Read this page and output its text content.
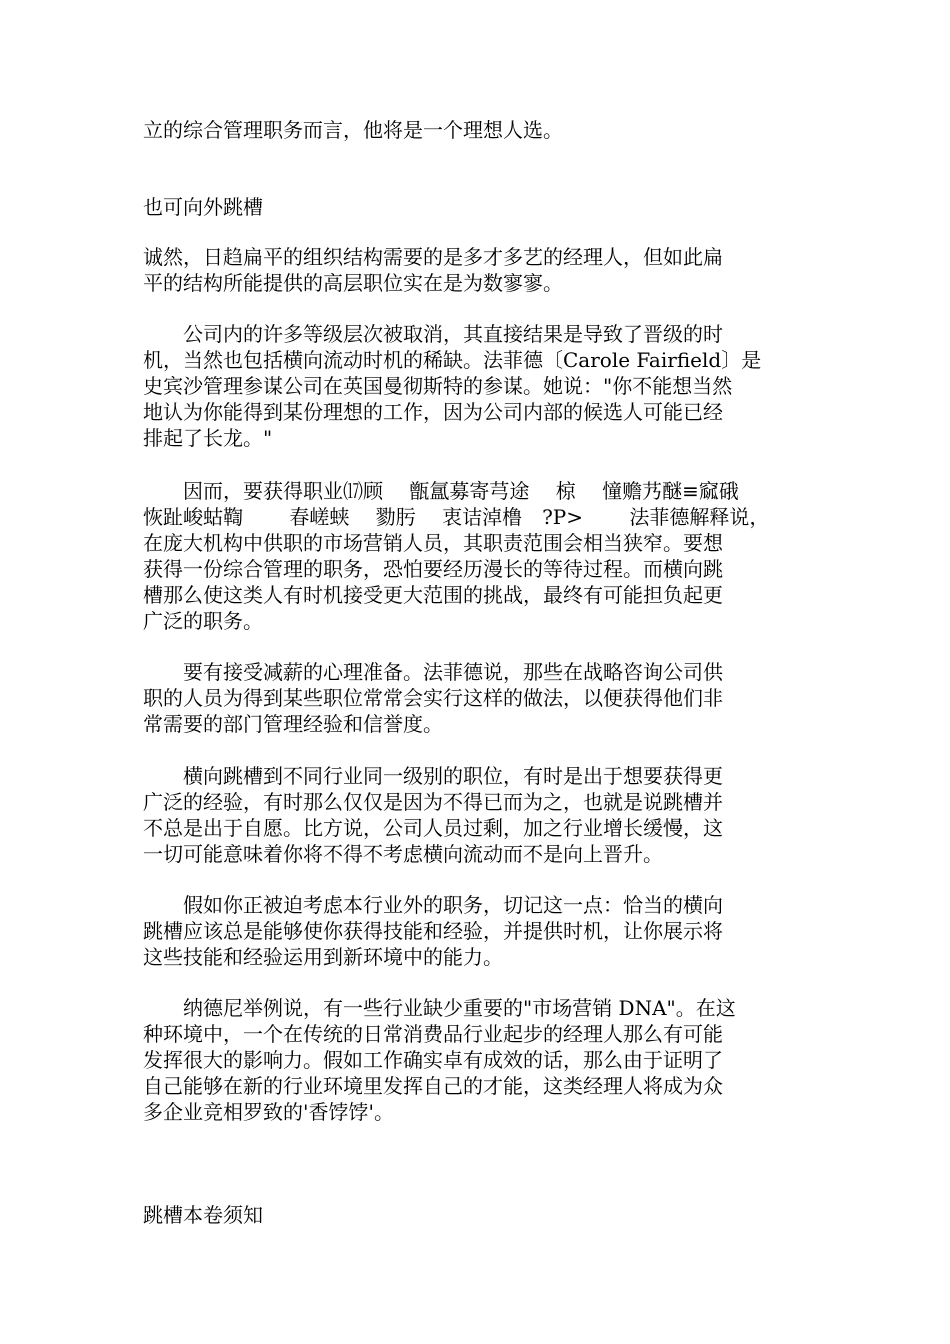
立的综合管理职务而言，他将是一个理想人选。
也可向外跳槽
诚然，日趋扁平的组织结构需要的是多才多艺的经理人，但如此扁
平的结构所能提供的高层职位实在是为数寥寥。
　　公司内的许多等级层次被取消，其直接结果是导致了晋级的时
机，当然也包括横向流动时机的稀缺。法菲德〔Carole Fairfield〕是
史宾沙管理参谋公司在英国曼彻斯特的参谋。她说："你不能想当然
地认为你能得到某份理想的工作，因为公司内部的候选人可能已经
排起了长龙。"
　　因而，要获得职业⒄顾　 甑氲募寄芎途　 椋　 憧赡艿醚≡窳硪
恢趾峻蛄鞫　　 春嵯蛱　 勠肟　 衷诘淖橹　?P>　　 法菲德解释说，
在庞大机构中供职的市场营销人员，其职责范围会相当狭窄。要想
获得一份综合管理的职务，恐怕要经历漫长的等待过程。而横向跳
槽那么使这类人有时机接受更大范围的挑战，最终有可能担负起更
广泛的职务。
　　要有接受减薪的心理准备。法菲德说，那些在战略咨询公司供
职的人员为得到某些职位常常会实行这样的做法，以便获得他们非
常需要的部门管理经验和信誉度。
　　横向跳槽到不同行业同一级别的职位，有时是出于想要获得更
广泛的经验，有时那么仅仅是因为不得已而为之，也就是说跳槽并
不总是出于自愿。比方说，公司人员过剩，加之行业增长缓慢，这
一切可能意味着你将不得不考虑横向流动而不是向上晋升。
　　假如你正被迫考虑本行业外的职务，切记这一点：恰当的横向
跳槽应该总是能够使你获得技能和经验，并提供时机，让你展示将
这些技能和经验运用到新环境中的能力。
　　纳德尼举例说，有一些行业缺少重要的"市场营销 DNA"。在这
种环境中，一个在传统的日常消费品行业起步的经理人那么有可能
发挥很大的影响力。假如工作确实卓有成效的话，那么由于证明了
自己能够在新的行业环境里发挥自己的才能，这类经理人将成为众
多企业竞相罗致的'香饽饽'。
跳槽本卷须知
